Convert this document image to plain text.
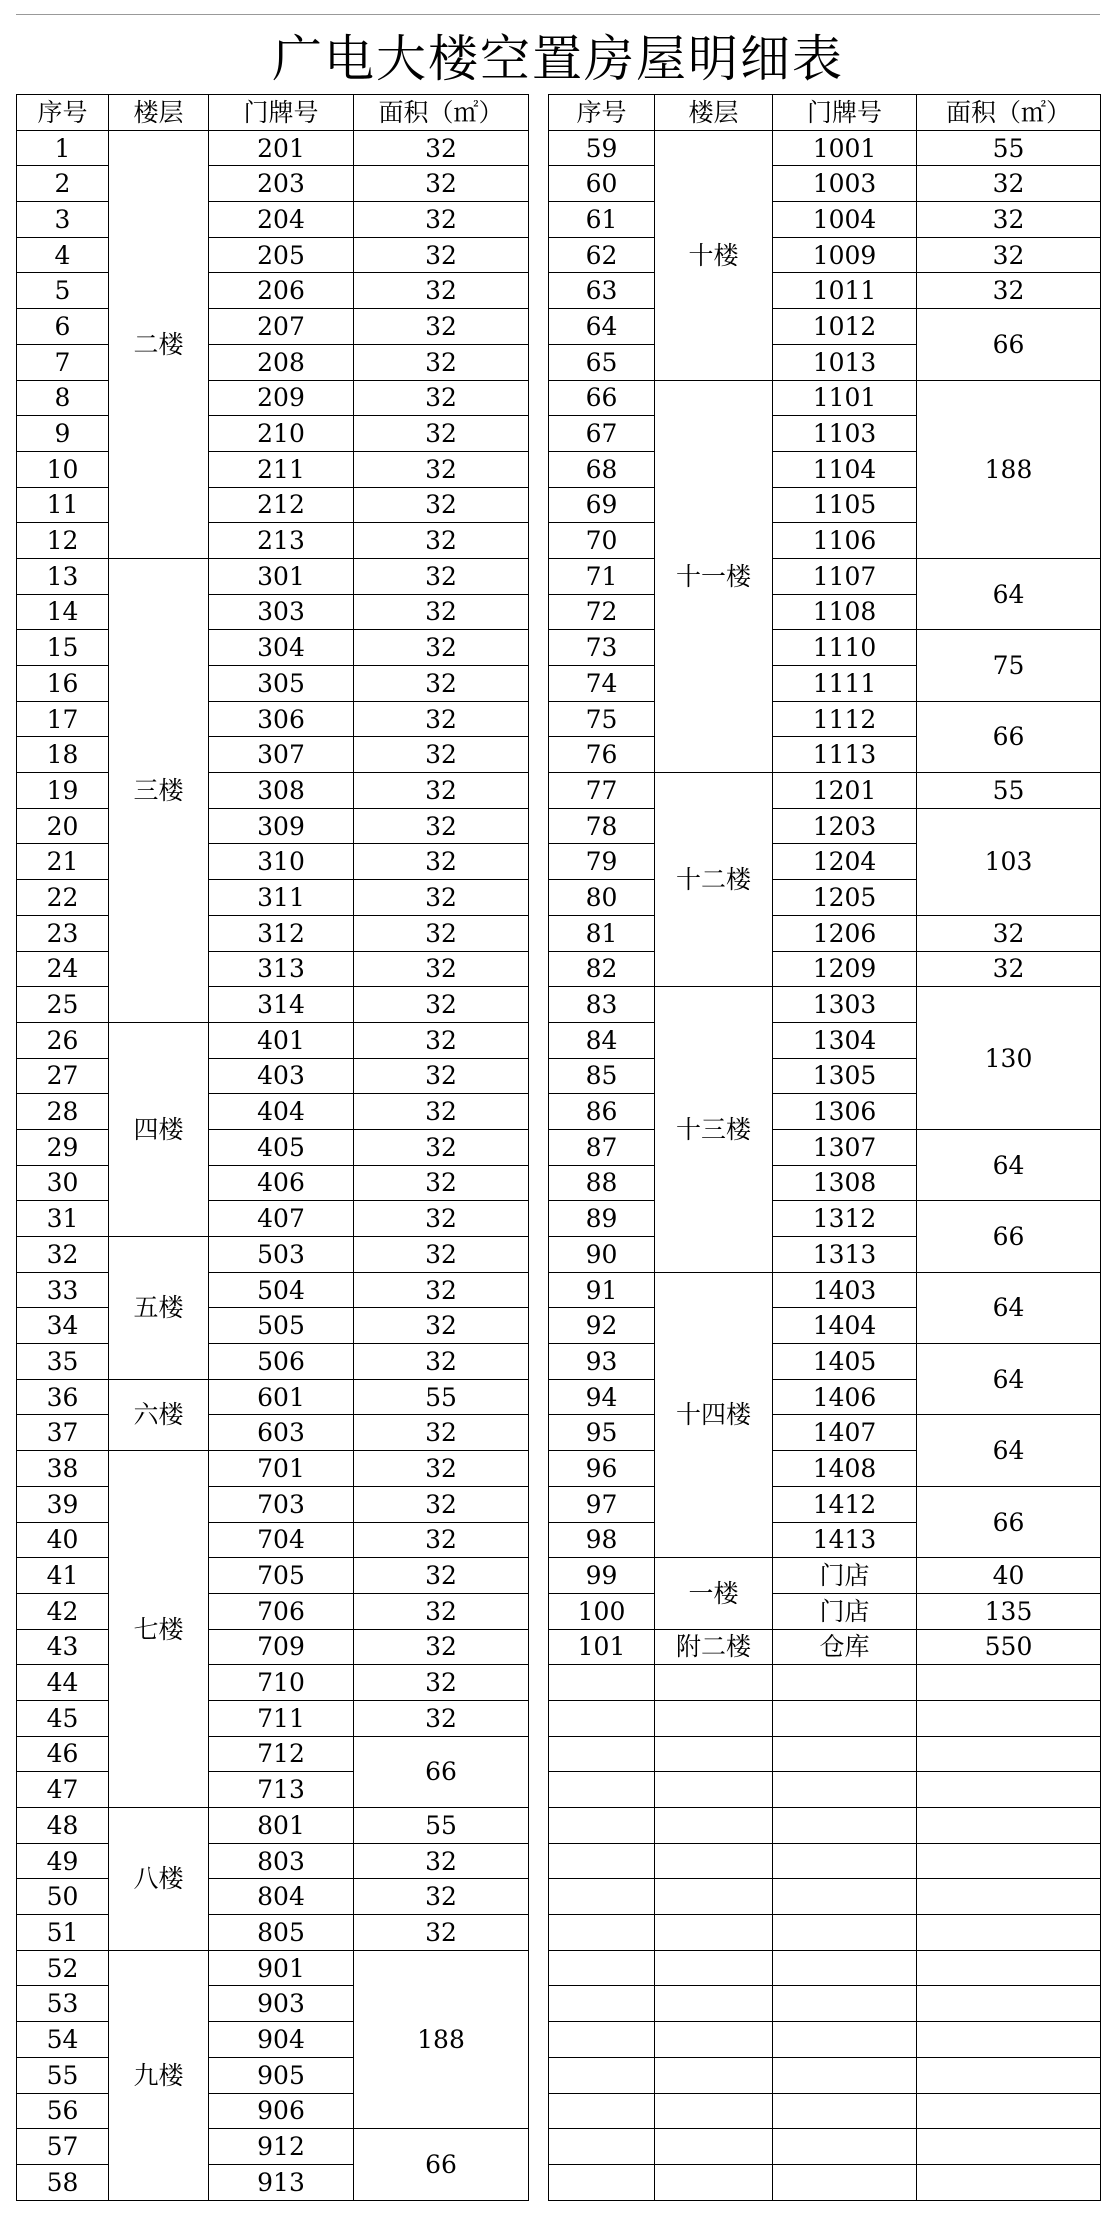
广电大楼空置房屋明细表
序号	楼层	门牌号	面积（㎡）
1	二楼	201	32
2		203	32
3		204	32
4		205	32
5		206	32
6		207	32
7		208	32
8		209	32
9		210	32
10		211	32
11		212	32
12		213	32
13	三楼	301	32
14		303	32
15		304	32
16		305	32
17		306	32
18		307	32
19		308	32
20		309	32
21		310	32
22		311	32
23		312	32
24		313	32
25		314	32
26	四楼	401	32
27		403	32
28		404	32
29		405	32
30		406	32
31		407	32
32	五楼	503	32
33		504	32
34		505	32
35		506	32
36	六楼	601	55
37		603	32
38	七楼	701	32
39		703	32
40		704	32
41		705	32
42		706	32
43		709	32
44		710	32
45		711	32
46		712	66
47		713	
48	八楼	801	55
49		803	32
50		804	32
51		805	32
52	九楼	901	188
53		903	
54		904	
55		905	
56		906	
57		912	66
58		913	
序号	楼层	门牌号	面积（㎡）
59	十楼	1001	55
60		1003	32
61		1004	32
62		1009	32
63		1011	32
64		1012	66
65		1013	
66	十一楼	1101	188
67		1103	
68		1104	
69		1105	
70		1106	
71		1107	64
72		1108	
73		1110	75
74		1111	
75		1112	66
76		1113	
77	十二楼	1201	55
78		1203	103
79		1204	
80		1205	
81		1206	32
82		1209	32
83	十三楼	1303	130
84		1304	
85		1305	
86		1306	
87		1307	64
88		1308	
89		1312	66
90		1313	
91	十四楼	1403	64
92		1404	
93		1405	64
94		1406	
95		1407	64
96		1408	
97		1412	66
98		1413	
99	一楼	门店	40
100		门店	135
101	附二楼	仓库	550
